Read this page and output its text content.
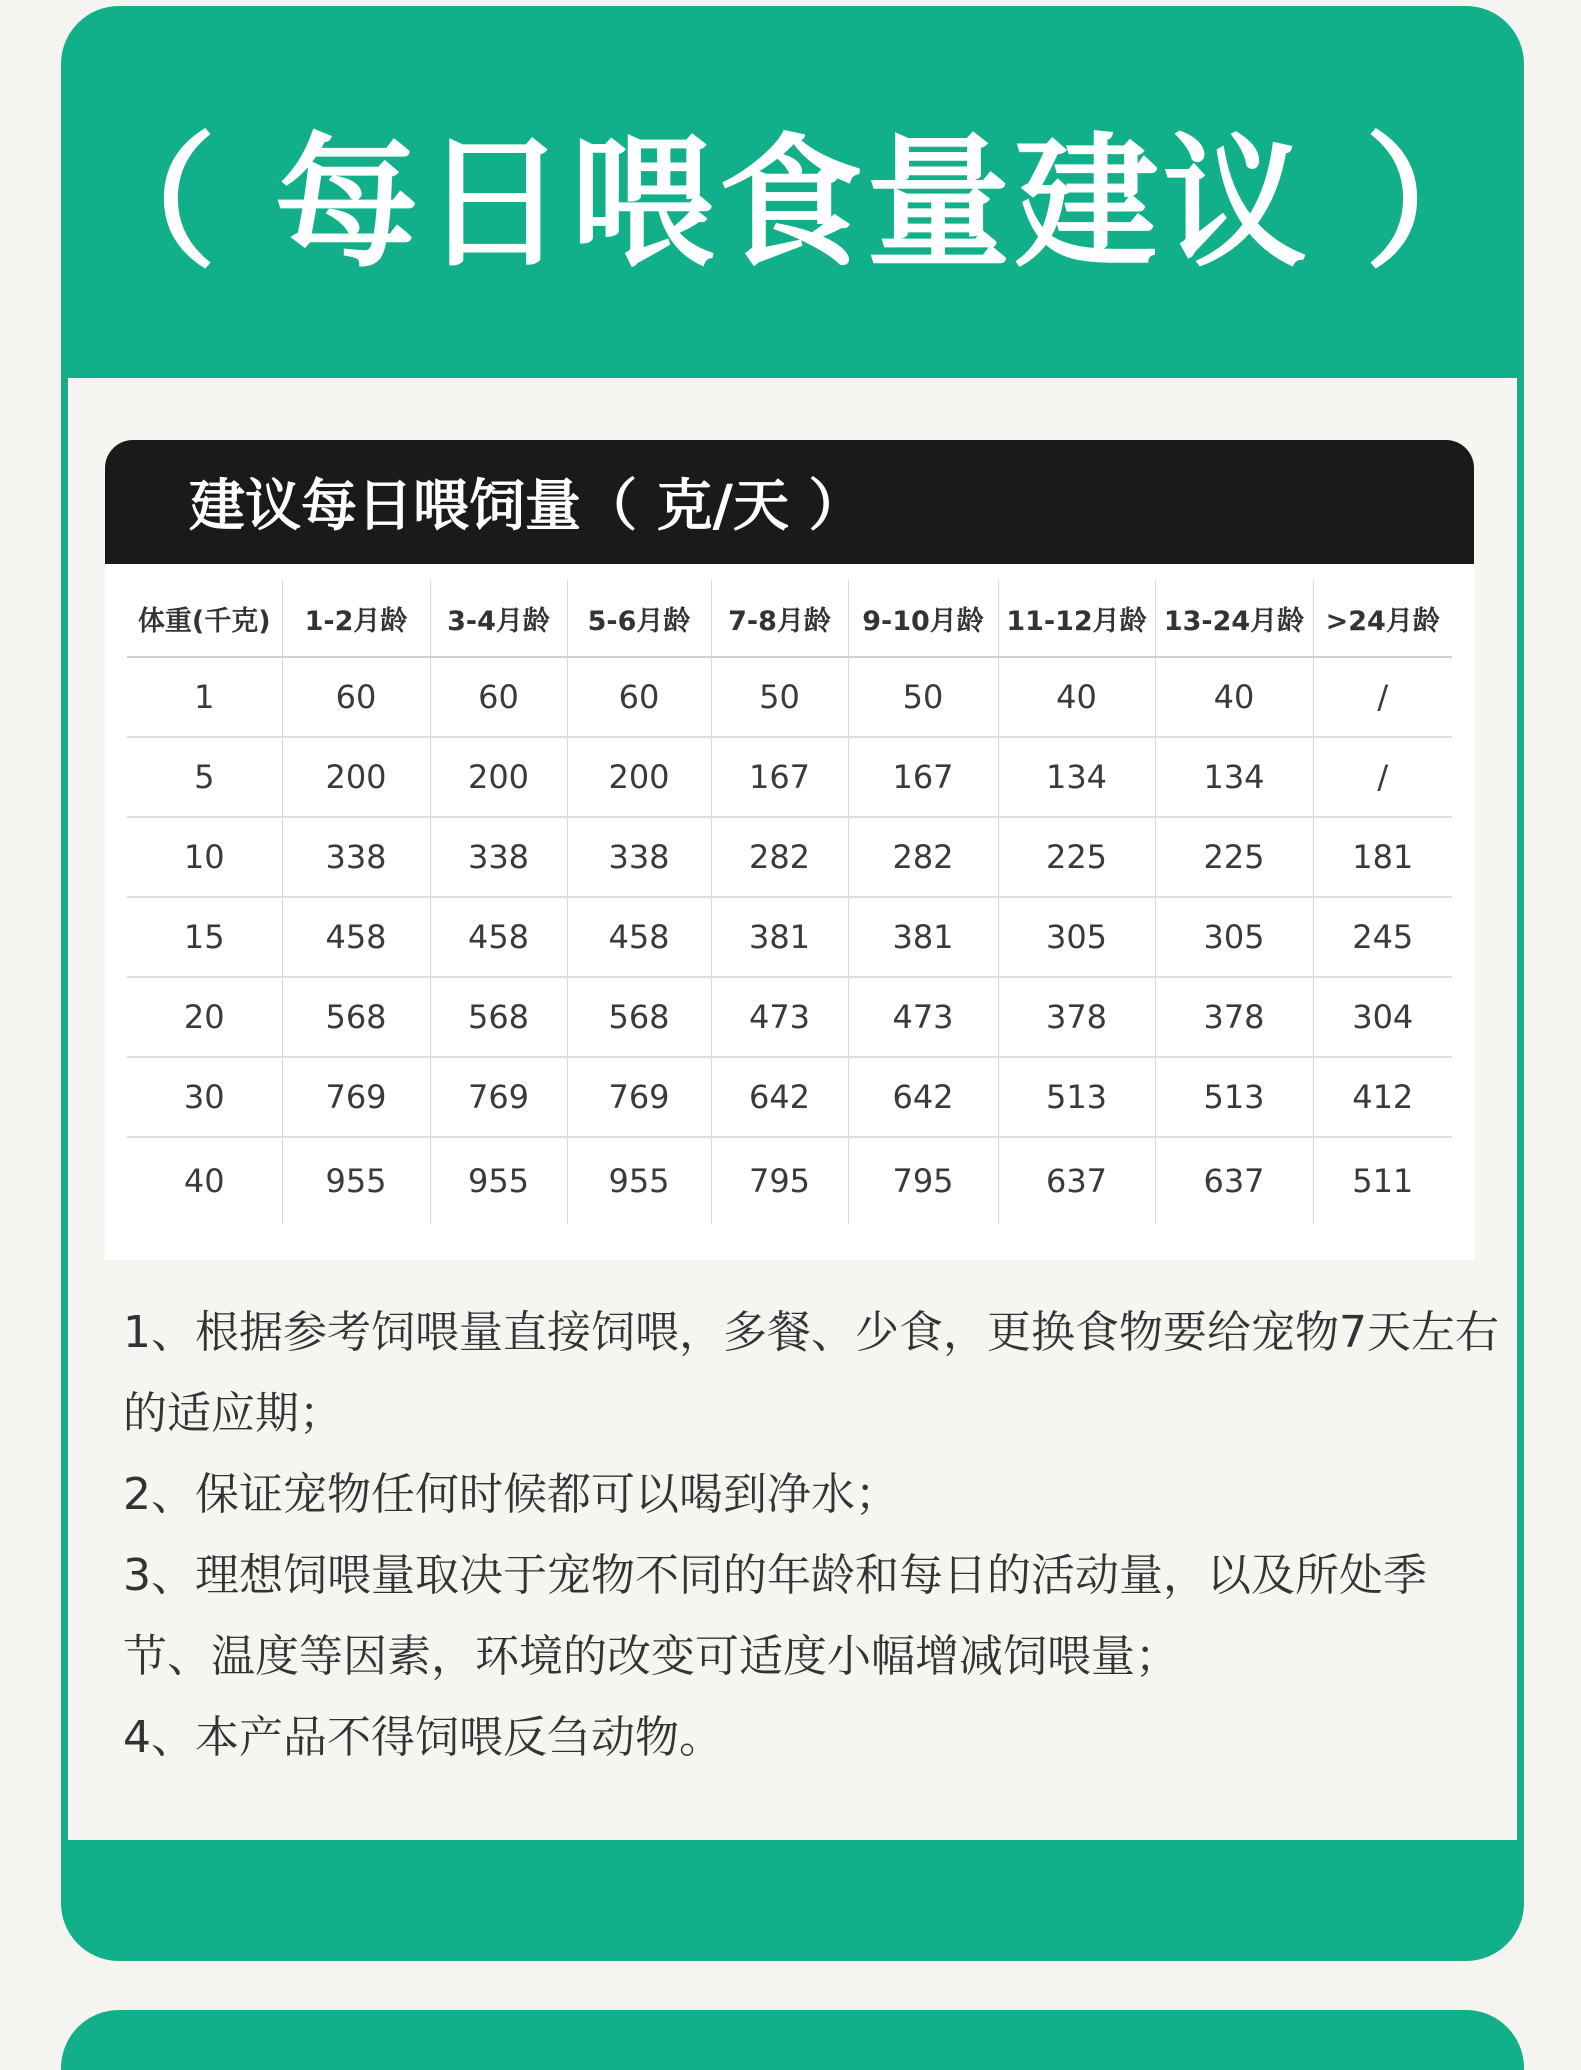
（ 每日喂食量建议 ）
建议每日喂饲量（ 克/天 ）
体重(千克)	1-2月龄	3-4月龄	5-6月龄	7-8月龄	9-10月龄	11-12月龄	13-24月龄	>24月龄
1	60	60	60	50	50	40	40	/
5	200	200	200	167	167	134	134	/
10	338	338	338	282	282	225	225	181
15	458	458	458	381	381	305	305	245
20	568	568	568	473	473	378	378	304
30	769	769	769	642	642	513	513	412
40	955	955	955	795	795	637	637	511

1、根据参考饲喂量直接饲喂，多餐、少食，更换食物要给宠物7天左右的适应期；

2、保证宠物任何时候都可以喝到净水；

3、理想饲喂量取决于宠物不同的年龄和每日的活动量，以及所处季节、温度等因素，环境的改变可适度小幅增减饲喂量；

4、本产品不得饲喂反刍动物。
